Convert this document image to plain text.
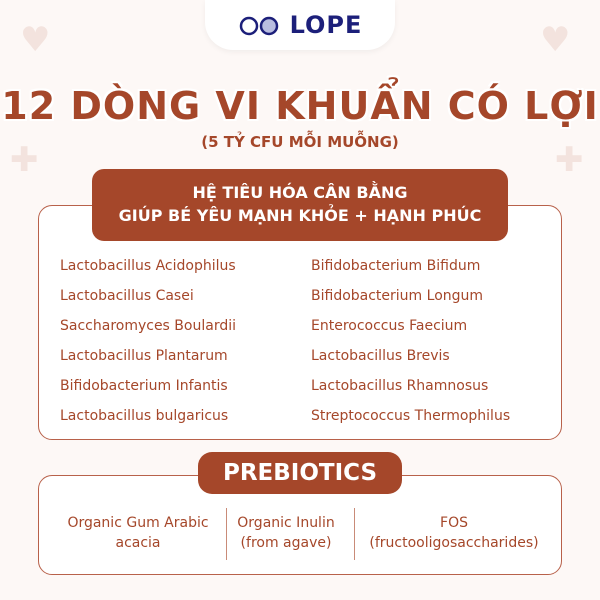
♥	♥
✚	✚
LOPE
12 DÒNG VI KHUẨN CÓ LỢI
(5 TỶ CFU MỖI MUỖNG)
HỆ TIÊU HÓA CÂN BẰNG
GIÚP BÉ YÊU MẠNH KHỎE + HẠNH PHÚC
Lactobacillus Acidophilus
Lactobacillus Casei
Saccharomyces Boulardii
Lactobacillus Plantarum
Bifidobacterium Infantis
Lactobacillus bulgaricus
Bifidobacterium Bifidum
Bifidobacterium Longum
Enterococcus Faecium
Lactobacillus Brevis
Lactobacillus Rhamnosus
Streptococcus Thermophilus
PREBIOTICS
Organic Gum Arabic
acacia
Organic Inulin
(from agave)
FOS
(fructooligosaccharides)
